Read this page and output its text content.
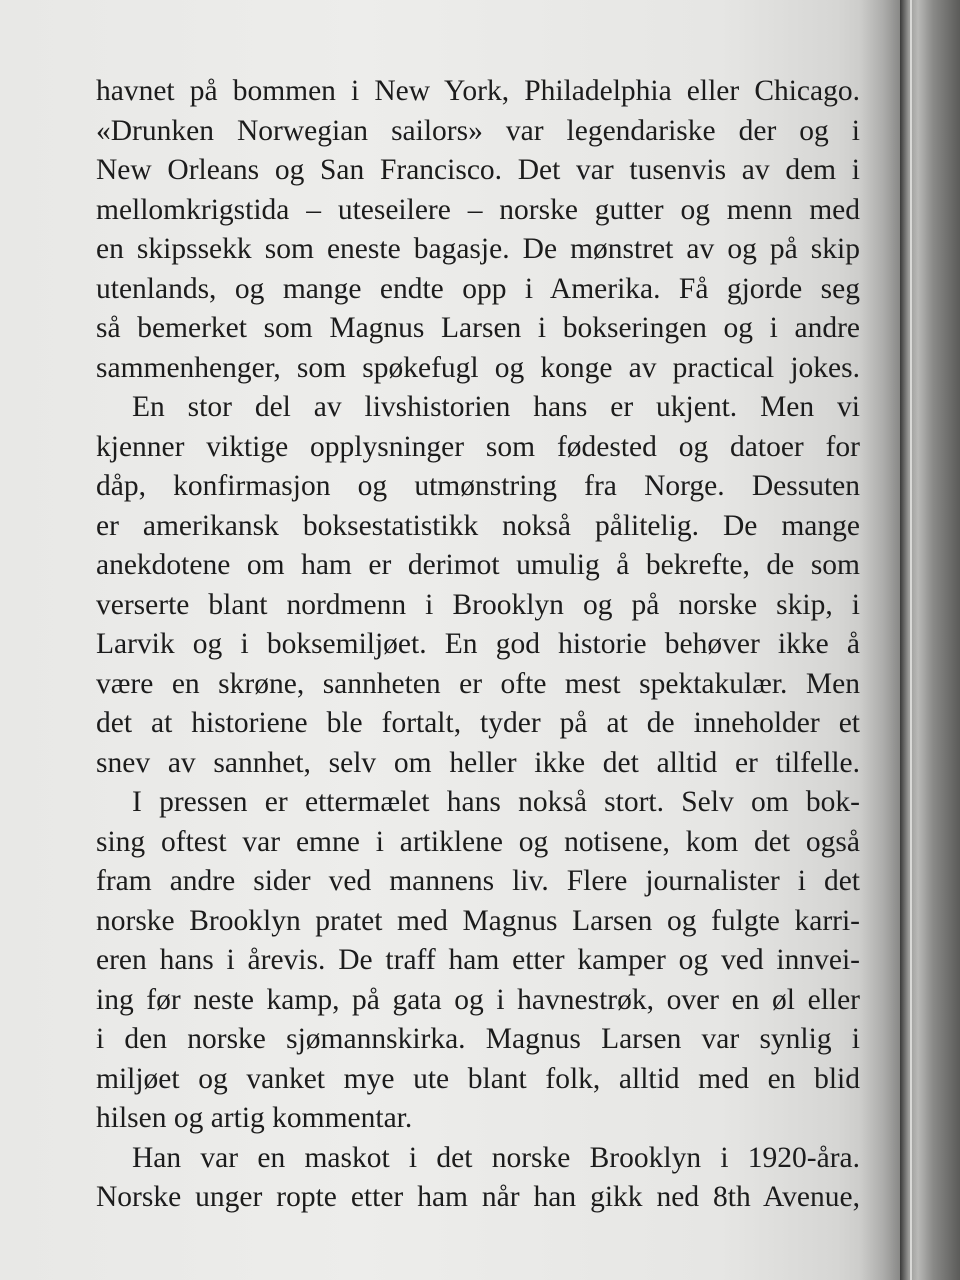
havnet på bommen i New York, Philadelphia eller Chicago.
«Drunken Norwegian sailors» var legendariske der og i
New Orleans og San Francisco. Det var tusenvis av dem i
mellomkrigstida – uteseilere – norske gutter og menn med
en skipssekk som eneste bagasje. De mønstret av og på skip
utenlands, og mange endte opp i Amerika. Få gjorde seg
så bemerket som Magnus Larsen i bokseringen og i andre
sammenhenger, som spøkefugl og konge av practical jokes.
En stor del av livshistorien hans er ukjent. Men vi
kjenner viktige opplysninger som fødested og datoer for
dåp, konfirmasjon og utmønstring fra Norge. Dessuten
er amerikansk boksestatistikk nokså pålitelig. De mange
anekdotene om ham er derimot umulig å bekrefte, de som
verserte blant nordmenn i Brooklyn og på norske skip, i
Larvik og i boksemiljøet. En god historie behøver ikke å
være en skrøne, sannheten er ofte mest spektakulær. Men
det at historiene ble fortalt, tyder på at de inneholder et
snev av sannhet, selv om heller ikke det alltid er tilfelle.
I pressen er ettermælet hans nokså stort. Selv om bok-
sing oftest var emne i artiklene og notisene, kom det også
fram andre sider ved mannens liv. Flere journalister i det
norske Brooklyn pratet med Magnus Larsen og fulgte karri-
eren hans i årevis. De traff ham etter kamper og ved innvei-
ing før neste kamp, på gata og i havnestrøk, over en øl eller
i den norske sjømannskirka. Magnus Larsen var synlig i
miljøet og vanket mye ute blant folk, alltid med en blid
hilsen og artig kommentar.
Han var en maskot i det norske Brooklyn i 1920-åra.
Norske unger ropte etter ham når han gikk ned 8th Avenue,
